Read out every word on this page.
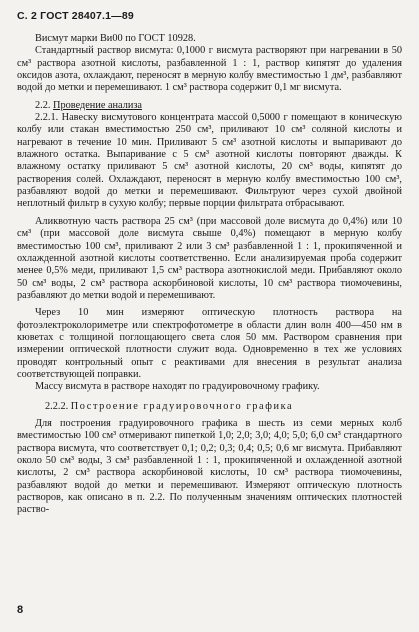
С. 2 ГОСТ 28407.1—89

Висмут марки Ви00 по ГОСТ 10928.

Стандартный раствор висмута: 0,1000 г висмута растворяют при нагревании в 50 см³ раствора азотной кислоты, разбавленной 1 : 1, раствор кипятят до удаления оксидов азота, охлаждают, переносят в мерную колбу вместимостью 1 дм³, разбавляют водой до метки и перемешивают. 1 см³ раствора содержит 0,1 мг висмута.

2.2. Проведение анализа

2.2.1. Навеску висмутового концентрата массой 0,5000 г помещают в коническую колбу или стакан вместимостью 250 см³, приливают 10 см³ соляной кислоты и нагревают в течение 10 мин. Приливают 5 см³ азотной кислоты и выпаривают до влажного остатка. Выпаривание с 5 см³ азотной кислоты повторяют дважды. К влажному остатку приливают 5 см³ азотной кислоты, 20 см³ воды, кипятят до растворения солей. Охлаждают, переносят в мерную колбу вместимостью 100 см³, разбавляют водой до метки и перемешивают. Фильтруют через сухой двойной неплотный фильтр в сухую колбу; первые порции фильтрата отбрасывают.

Аликвотную часть раствора 25 см³ (при массовой доле висмута до 0,4%) или 10 см³ (при массовой доле висмута свыше 0,4%) помещают в мерную колбу вместимостью 100 см³, приливают 2 или 3 см³ разбавленной 1 : 1, прокипяченной и охлажденной азотной кислоты соответственно. Если анализируемая проба содержит менее 0,5% меди, приливают 1,5 см³ раствора азотнокислой меди. Прибавляют около 50 см³ воды, 2 см³ раствора аскорбиновой кислоты, 10 см³ раствора тиомочевины, разбавляют до метки водой и перемешивают.

Через 10 мин измеряют оптическую плотность раствора на фотоэлектроколориметре или спектрофотометре в области длин волн 400—450 нм в кюветах с толщиной поглощающего света слоя 50 мм. Раствором сравнения при измерении оптической плотности служит вода. Одновременно в тех же условиях проводят контрольный опыт с реактивами для внесения в результат анализа соответствующей поправки.

Массу висмута в растворе находят по градуировочному графику.

2.2.2. Построение градуировочного графика

Для построения градуировочного графика в шесть из семи мерных колб вместимостью 100 см³ отмеривают пипеткой 1,0; 2,0; 3,0; 4,0; 5,0; 6,0 см³ стандартного раствора висмута, что соответствует 0,1; 0,2; 0,3; 0,4; 0,5; 0,6 мг висмута. Прибавляют около 50 см³ воды, 3 см³ разбавленной 1 : 1, прокипяченной и охлажденной азотной кислоты, 2 см³ раствора аскорбиновой кислоты, 10 см³ раствора тиомочевины, разбавляют водой до метки и перемешивают. Измеряют оптическую плотность растворов, как описано в п. 2.2. По полученным значениям оптических плотностей раство-

8
